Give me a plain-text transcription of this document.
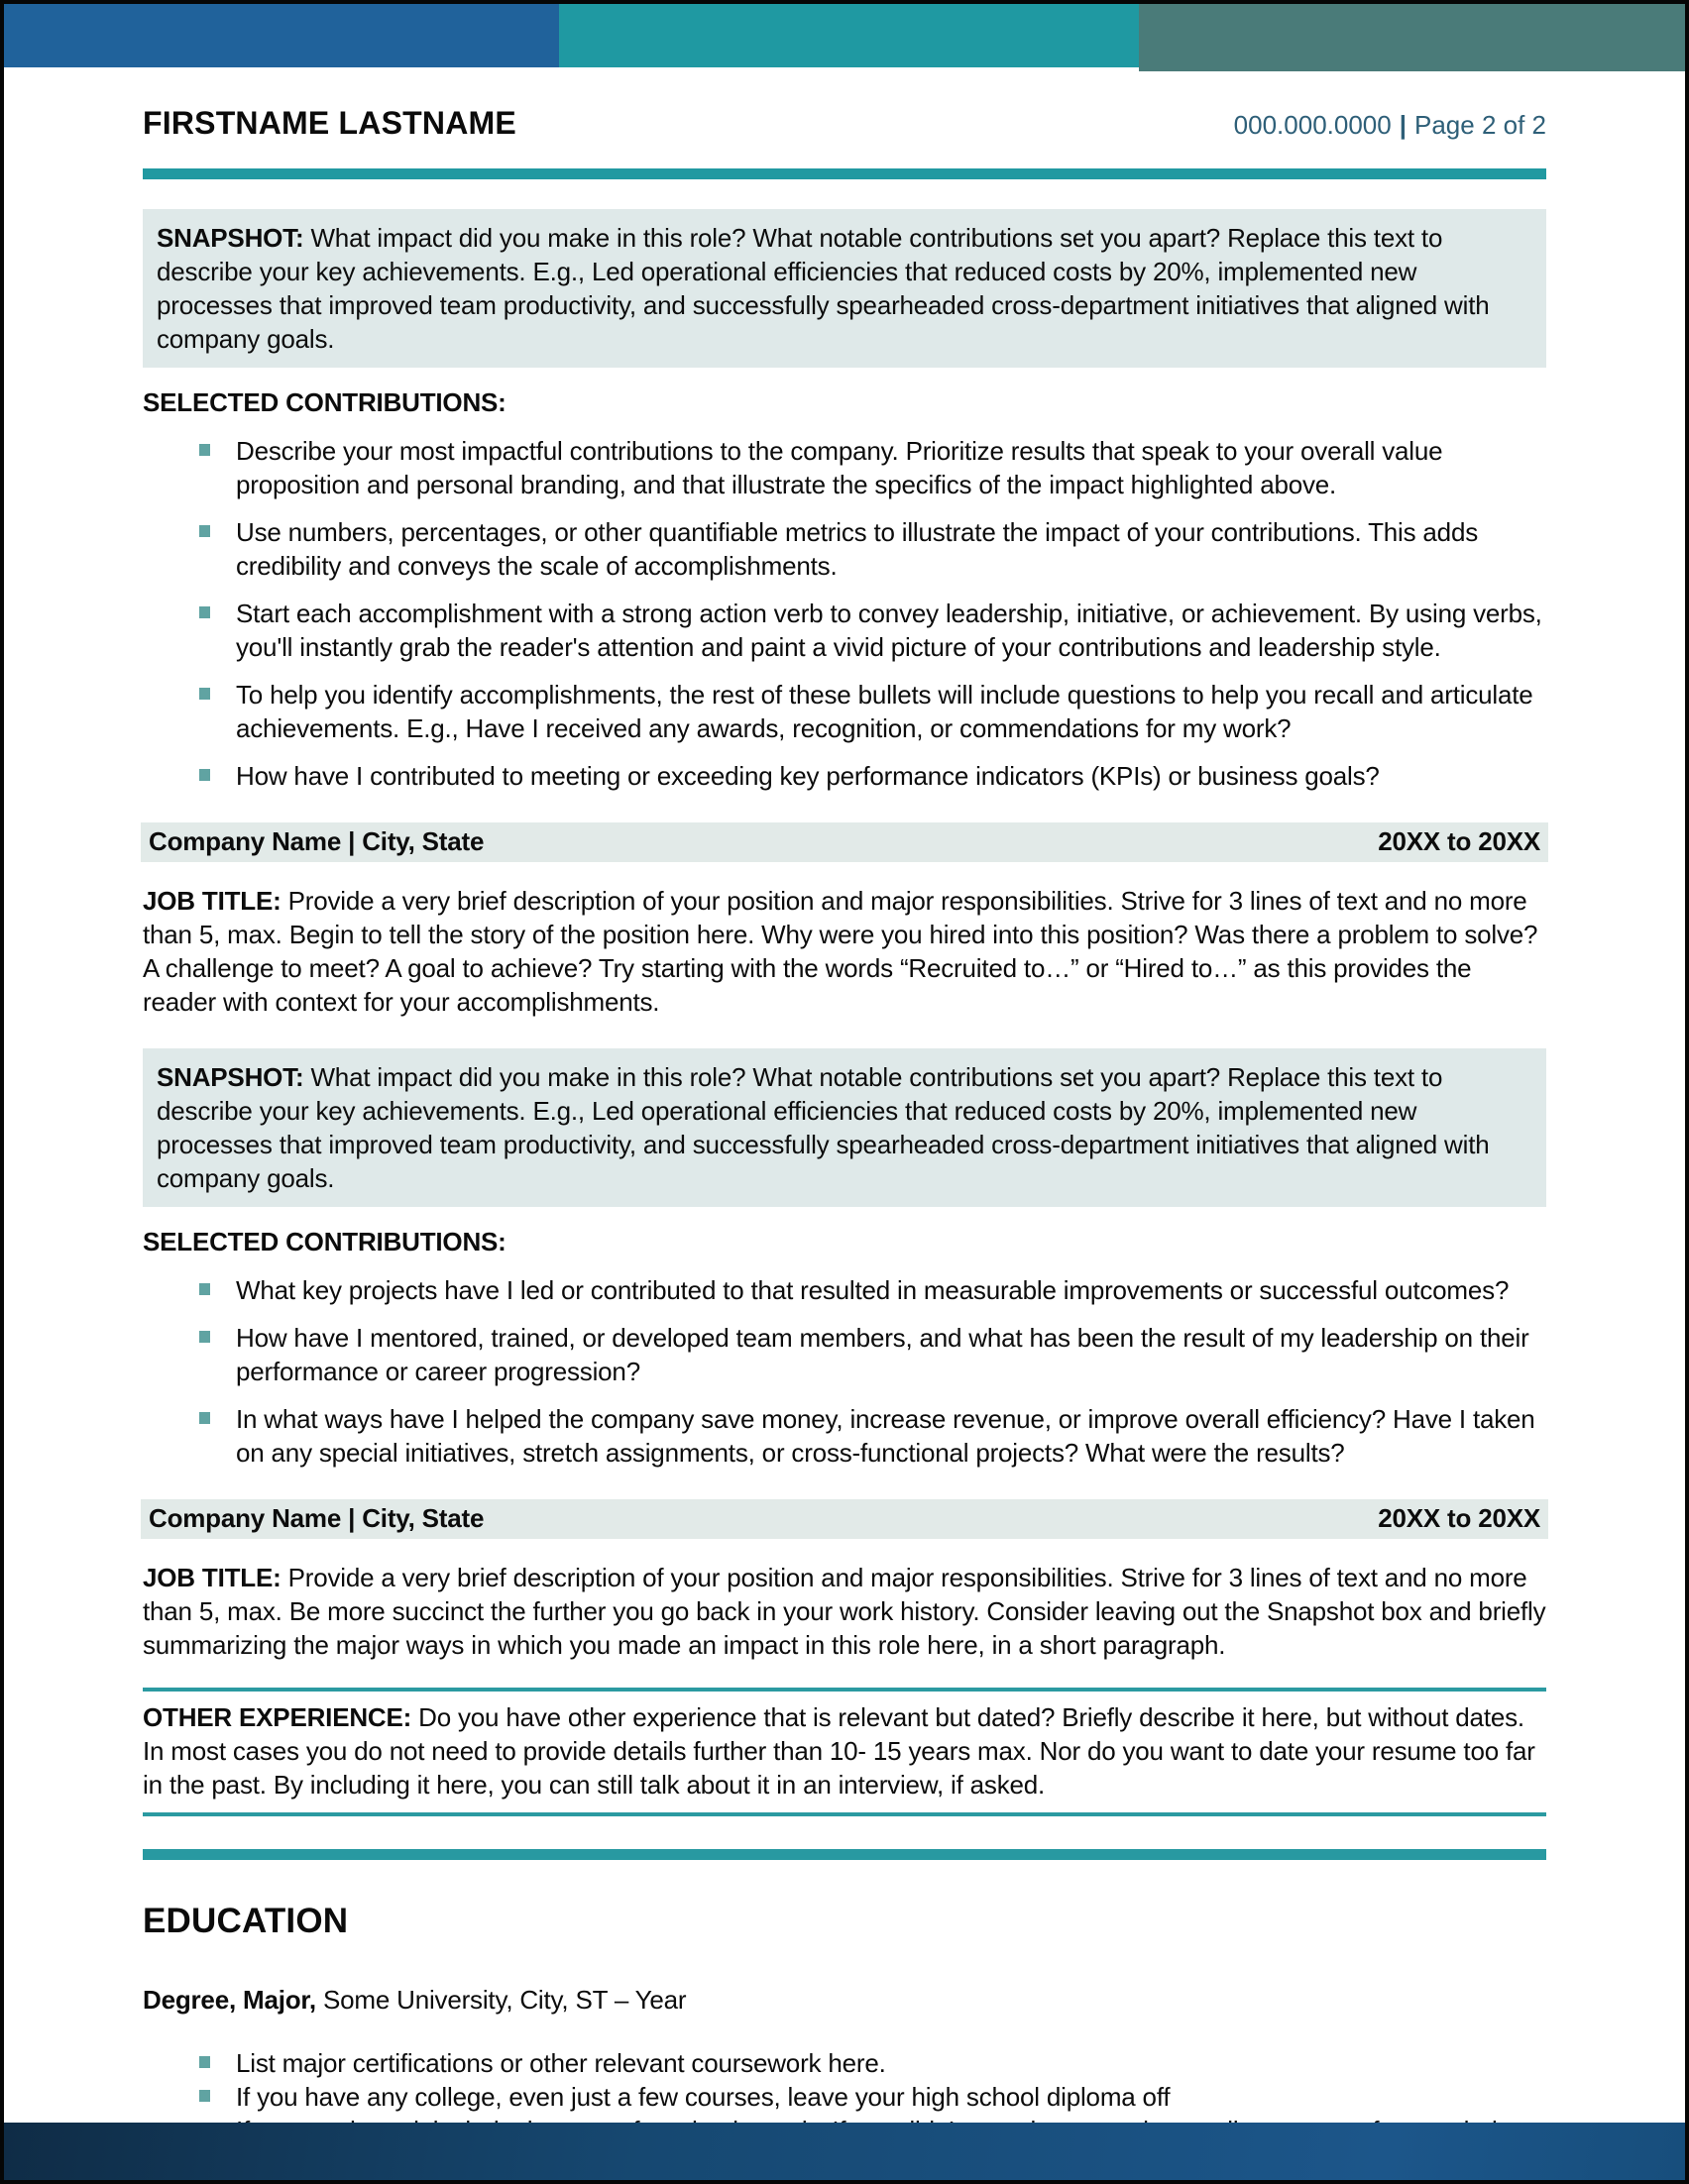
FIRSTNAME LASTNAME	000.000.0000 | Page 2 of 2
SNAPSHOT: What impact did you make in this role? What notable contributions set you apart? Replace this text to describe your key achievements. E.g., Led operational efficiencies that reduced costs by 20%, implemented new processes that improved team productivity, and successfully spearheaded cross-department initiatives that aligned with company goals.
SELECTED CONTRIBUTIONS:
Describe your most impactful contributions to the company. Prioritize results that speak to your overall value proposition and personal branding, and that illustrate the specifics of the impact highlighted above.
Use numbers, percentages, or other quantifiable metrics to illustrate the impact of your contributions. This adds credibility and conveys the scale of accomplishments.
Start each accomplishment with a strong action verb to convey leadership, initiative, or achievement. By using verbs, you'll instantly grab the reader's attention and paint a vivid picture of your contributions and leadership style.
To help you identify accomplishments, the rest of these bullets will include questions to help you recall and articulate achievements. E.g., Have I received any awards, recognition, or commendations for my work?
How have I contributed to meeting or exceeding key performance indicators (KPIs) or business goals?
Company Name | City, State	20XX to 20XX

JOB TITLE: Provide a very brief description of your position and major responsibilities. Strive for 3 lines of text and no more than 5, max. Begin to tell the story of the position here. Why were you hired into this position? Was there a problem to solve? A challenge to meet? A goal to achieve? Try starting with the words “Recruited to…” or “Hired to…” as this provides the reader with context for your accomplishments.

SNAPSHOT: What impact did you make in this role? What notable contributions set you apart? Replace this text to describe your key achievements. E.g., Led operational efficiencies that reduced costs by 20%, implemented new processes that improved team productivity, and successfully spearheaded cross-department initiatives that aligned with company goals.
SELECTED CONTRIBUTIONS:
What key projects have I led or contributed to that resulted in measurable improvements or successful outcomes?
How have I mentored, trained, or developed team members, and what has been the result of my leadership on their performance or career progression?
In what ways have I helped the company save money, increase revenue, or improve overall efficiency? Have I taken on any special initiatives, stretch assignments, or cross-functional projects? What were the results?
Company Name | City, State	20XX to 20XX

JOB TITLE: Provide a very brief description of your position and major responsibilities. Strive for 3 lines of text and no more than 5, max. Be more succinct the further you go back in your work history. Consider leaving out the Snapshot box and briefly summarizing the major ways in which you made an impact in this role here, in a short paragraph.

OTHER EXPERIENCE: Do you have other experience that is relevant but dated? Briefly describe it here, but without dates. In most cases you do not need to provide details further than 10- 15 years max. Nor do you want to date your resume too far in the past. By including it here, you can still talk about it in an interview, if asked.
EDUCATION

Degree, Major, Some University, City, ST – Year

List major certifications or other relevant coursework here.
If you have any college, even just a few courses, leave your high school diploma off
